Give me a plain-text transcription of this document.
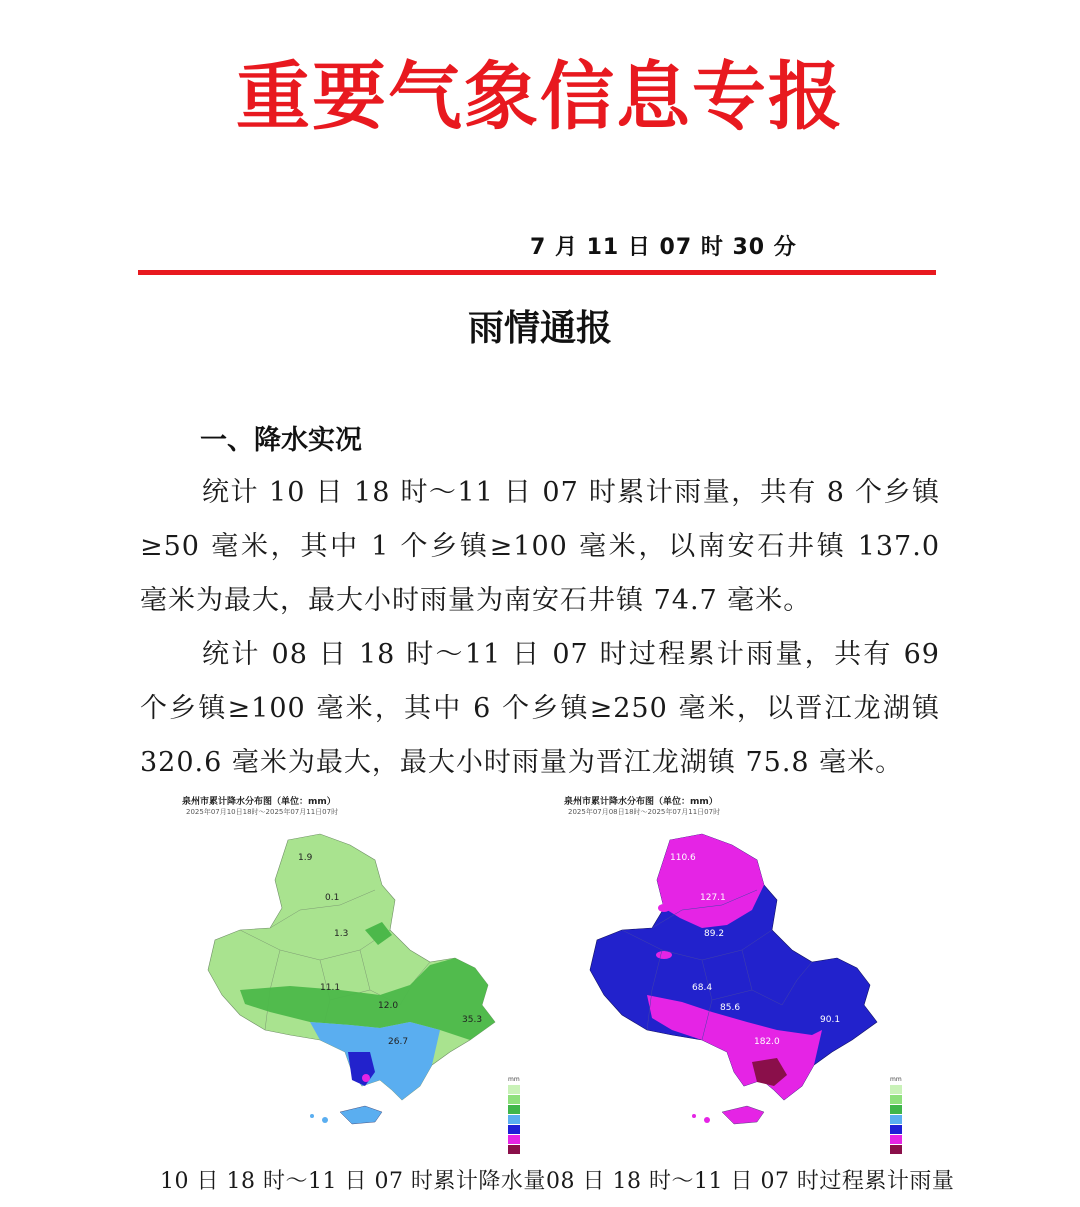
重要气象信息专报
7 月 11 日 07 时 30 分
雨情通报
一、降水实况

统计 10 日 18 时～11 日 07 时累计雨量，共有 8 个乡镇≥50 毫米，其中 1 个乡镇≥100 毫米，以南安石井镇 137.0 毫米为最大，最大小时雨量为南安石井镇 74.7 毫米。

统计 08 日 18 时～11 日 07 时过程累计雨量，共有 69 个乡镇≥100 毫米，其中 6 个乡镇≥250 毫米，以晋江龙湖镇 320.6 毫米为最大，最大小时雨量为晋江龙湖镇 75.8 毫米。

泉州市累计降水分布图（单位：mm）
2025年07月10日18时～2025年07月11日07时
1.9
0.1
1.3
11.1
12.0
26.7
35.3
mm
泉州市累计降水分布图（单位：mm）
2025年07月08日18时～2025年07月11日07时
110.6
127.1
89.2
68.4
85.6
90.1
182.0
mm
10 日 18 时～11 日 07 时累计降水量 08 日 18 时～11 日 07 时过程累计雨量
